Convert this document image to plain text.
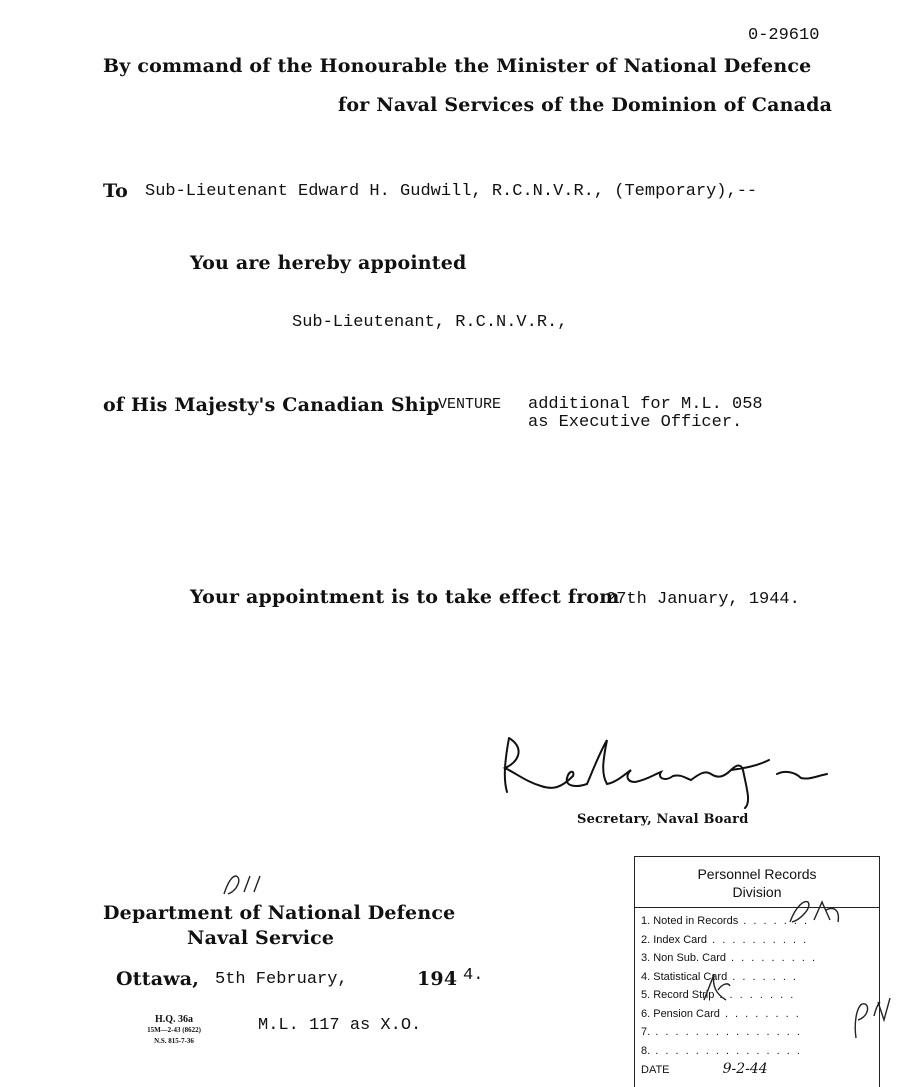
0-29610
By command of the Honourable the Minister of National Defence
for Naval Services of the Dominion of Canada
To Sub-Lieutenant Edward H. Gudwill, R.C.N.V.R., (Temporary),--
You are hereby appointed
Sub-Lieutenant, R.C.N.V.R.,
of His Majesty's Canadian Ship
VENTURE additional for M.L. 058
as Executive Officer.
Your appointment is to take effect from
27th January, 1944.
Secretary, Naval Board
Department of National Defence
Naval Service
Ottawa, 5th February,	194 4.
H.Q. 36a
15M—2-43 (8622)
N.S. 815-7-36
M.L. 117 as X.O.
Personnel Records
Division
1. Noted in Records . . . . . . .
2. Index Card . . . . . . . . . .
3. Non Sub. Card . . . . . . . . .
4. Statistical Card . . . . . . .
5. Record Strip . . . . . . . .
6. Pension Card . . . . . . . .
7. . . . . . . . . . . . . . . .
8. . . . . . . . . . . . . . . .
DATE	9-2-44
